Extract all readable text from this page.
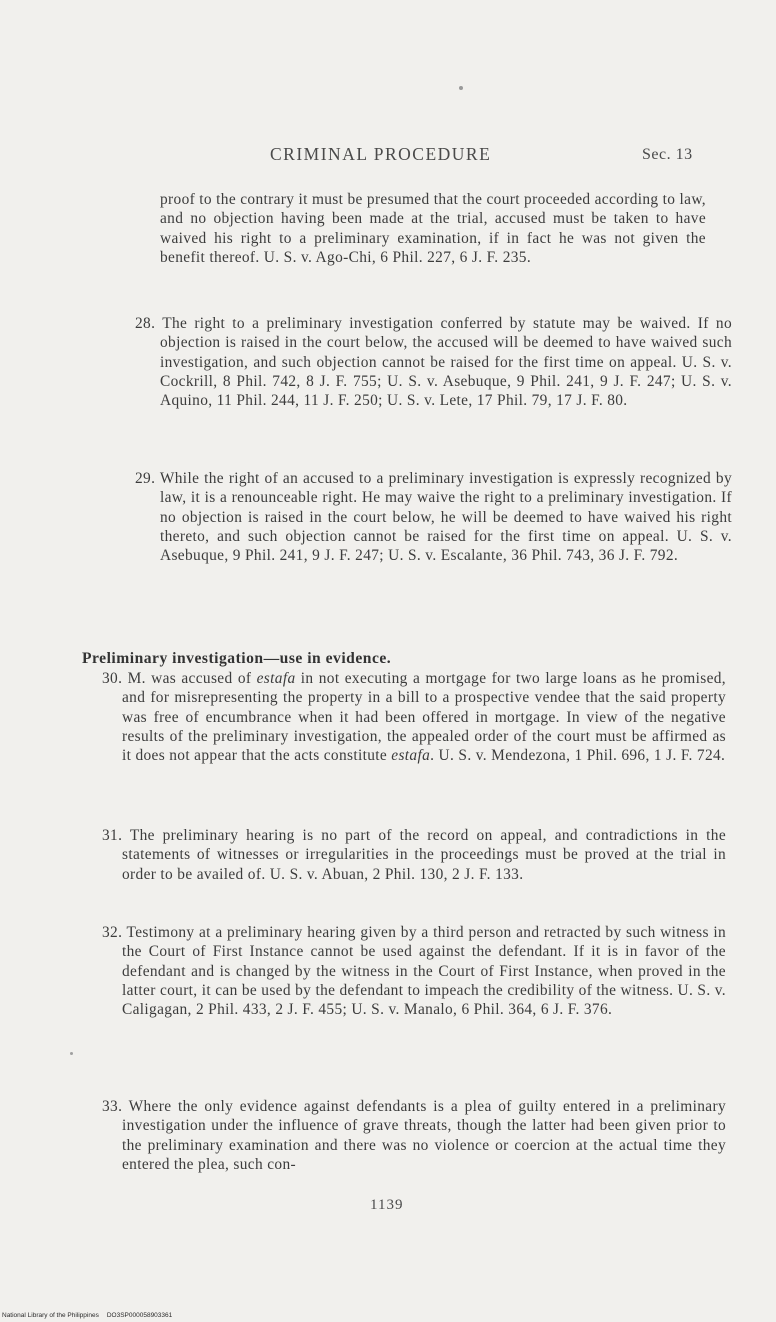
CRIMINAL PROCEDURE	Sec. 13
proof to the contrary it must be presumed that the court proceeded according to law, and no objection having been made at the trial, accused must be taken to have waived his right to a preliminary examination, if in fact he was not given the benefit thereof. U. S. v. Ago-Chi, 6 Phil. 227, 6 J. F. 235.
28. The right to a preliminary investigation conferred by statute may be waived. If no objection is raised in the court below, the accused will be deemed to have waived such investigation, and such objection cannot be raised for the first time on appeal. U. S. v. Cockrill, 8 Phil. 742, 8 J. F. 755; U. S. v. Asebuque, 9 Phil. 241, 9 J. F. 247; U. S. v. Aquino, 11 Phil. 244, 11 J. F. 250; U. S. v. Lete, 17 Phil. 79, 17 J. F. 80.
29. While the right of an accused to a preliminary investigation is expressly recognized by law, it is a renounceable right. He may waive the right to a preliminary investigation. If no objection is raised in the court below, he will be deemed to have waived his right thereto, and such objection cannot be raised for the first time on appeal. U. S. v. Asebuque, 9 Phil. 241, 9 J. F. 247; U. S. v. Escalante, 36 Phil. 743, 36 J. F. 792.
Preliminary investigation—use in evidence.
30. M. was accused of estafa in not executing a mortgage for two large loans as he promised, and for misrepresenting the property in a bill to a prospective vendee that the said property was free of encumbrance when it had been offered in mortgage. In view of the negative results of the preliminary investigation, the appealed order of the court must be affirmed as it does not appear that the acts constitute estafa. U. S. v. Mendezona, 1 Phil. 696, 1 J. F. 724.
31. The preliminary hearing is no part of the record on appeal, and contradictions in the statements of witnesses or irregularities in the proceedings must be proved at the trial in order to be availed of. U. S. v. Abuan, 2 Phil. 130, 2 J. F. 133.
32. Testimony at a preliminary hearing given by a third person and retracted by such witness in the Court of First Instance cannot be used against the defendant. If it is in favor of the defendant and is changed by the witness in the Court of First Instance, when proved in the latter court, it can be used by the defendant to impeach the credibility of the witness. U. S. v. Caligagan, 2 Phil. 433, 2 J. F. 455; U. S. v. Manalo, 6 Phil. 364, 6 J. F. 376.
33. Where the only evidence against defendants is a plea of guilty entered in a preliminary investigation under the influence of grave threats, though the latter had been given prior to the preliminary examination and there was no violence or coercion at the actual time they entered the plea, such con-
1139
National Library of the Philippines DO3SP000058903361
